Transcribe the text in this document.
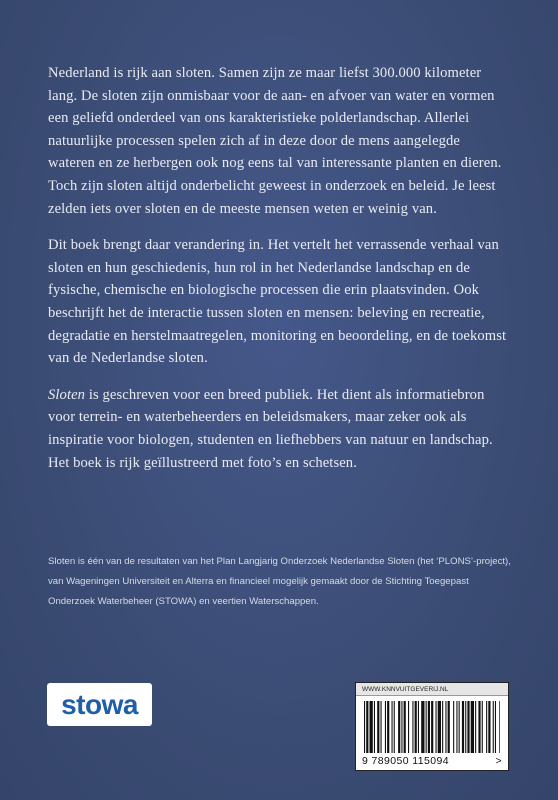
Nederland is rijk aan sloten. Samen zijn ze maar liefst 300.000 kilometer lang. De sloten zijn onmisbaar voor de aan- en afvoer van water en vormen een geliefd onderdeel van ons karakteristieke polderlandschap. Allerlei natuurlijke processen spelen zich af in deze door de mens aangelegde wateren en ze herbergen ook nog eens tal van interessante planten en dieren. Toch zijn sloten altijd onderbelicht geweest in onderzoek en beleid. Je leest zelden iets over sloten en de meeste mensen weten er weinig van.

Dit boek brengt daar verandering in. Het vertelt het verrassende verhaal van sloten en hun geschiedenis, hun rol in het Nederlandse landschap en de fysische, chemische en biologische processen die erin plaatsvinden. Ook beschrijft het de interactie tussen sloten en mensen: beleving en recreatie, degradatie en herstelmaatregelen, monitoring en beoordeling, en de toekomst van de Nederlandse sloten.

Sloten is geschreven voor een breed publiek. Het dient als informatiebron voor terrein- en waterbeheerders en beleidsmakers, maar zeker ook als inspiratie voor biologen, studenten en liefhebbers van natuur en landschap. Het boek is rijk geïllustreerd met foto’s en schetsen.

Sloten is één van de resultaten van het Plan Langjarig Onderzoek Nederlandse Sloten (het ‘PLONS’-project), van Wageningen Universiteit en Alterra en financieel mogelijk gemaakt door de Stichting Toegepast Onderzoek Waterbeheer (STOWA) en veertien Waterschappen.
stowa	WWW.KNNVUITGEVERIJ.NL
9 789050 115094	>
